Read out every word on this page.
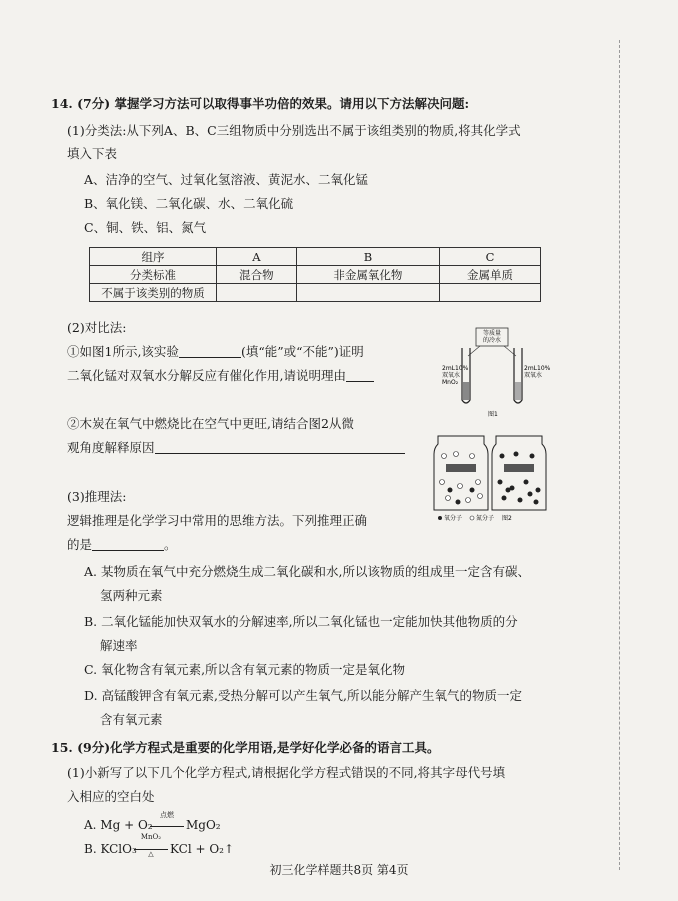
14. (7分) 掌握学习方法可以取得事半功倍的效果。请用以下方法解决问题:
(1)分类法:从下列A、B、C三组物质中分别选出不属于该组类别的物质,将其化学式
填入下表
A、洁净的空气、过氧化氢溶液、黄泥水、二氧化锰
B、氧化镁、二氧化碳、水、二氧化硫
C、铜、铁、铝、氮气
组序	A	B	C
分类标准	混合物	非金属氧化物	金属单质
不属于该类别的物质			
(2)对比法:
①如图1所示,该实验	(填“能”或“不能”)证明
二氧化锰对双氧水分解反应有催化作用,请说明理由
②木炭在氧气中燃烧比在空气中更旺,请结合图2从微
观角度解释原因
等质量
的冷水
2mL10%
双氧水
MnO₂
2mL10%
双氧水
图1
氧分子 氮分子 图2
(3)推理法:
逻辑推理是化学学习中常用的思维方法。下列推理正确
的是	。
A. 某物质在氧气中充分燃烧生成二氧化碳和水,所以该物质的组成里一定含有碳、
氢两种元素
B. 二氧化锰能加快双氧水的分解速率,所以二氧化锰也一定能加快其他物质的分
解速率
C. 氧化物含有氧元素,所以含有氧元素的物质一定是氧化物
D. 高锰酸钾含有氧元素,受热分解可以产生氧气,所以能分解产生氧气的物质一定
含有氧元素
15. (9分)化学方程式是重要的化学用语,是学好化学必备的语言工具。
(1)小新写了以下几个化学方程式,请根据化学方程式错误的不同,将其字母代号填
入相应的空白处
A. Mg + O₂
点燃
MgO₂
B. KClO₃
MnO₂
△	KCl + O₂↑
初三化学样题共8页 第4页
